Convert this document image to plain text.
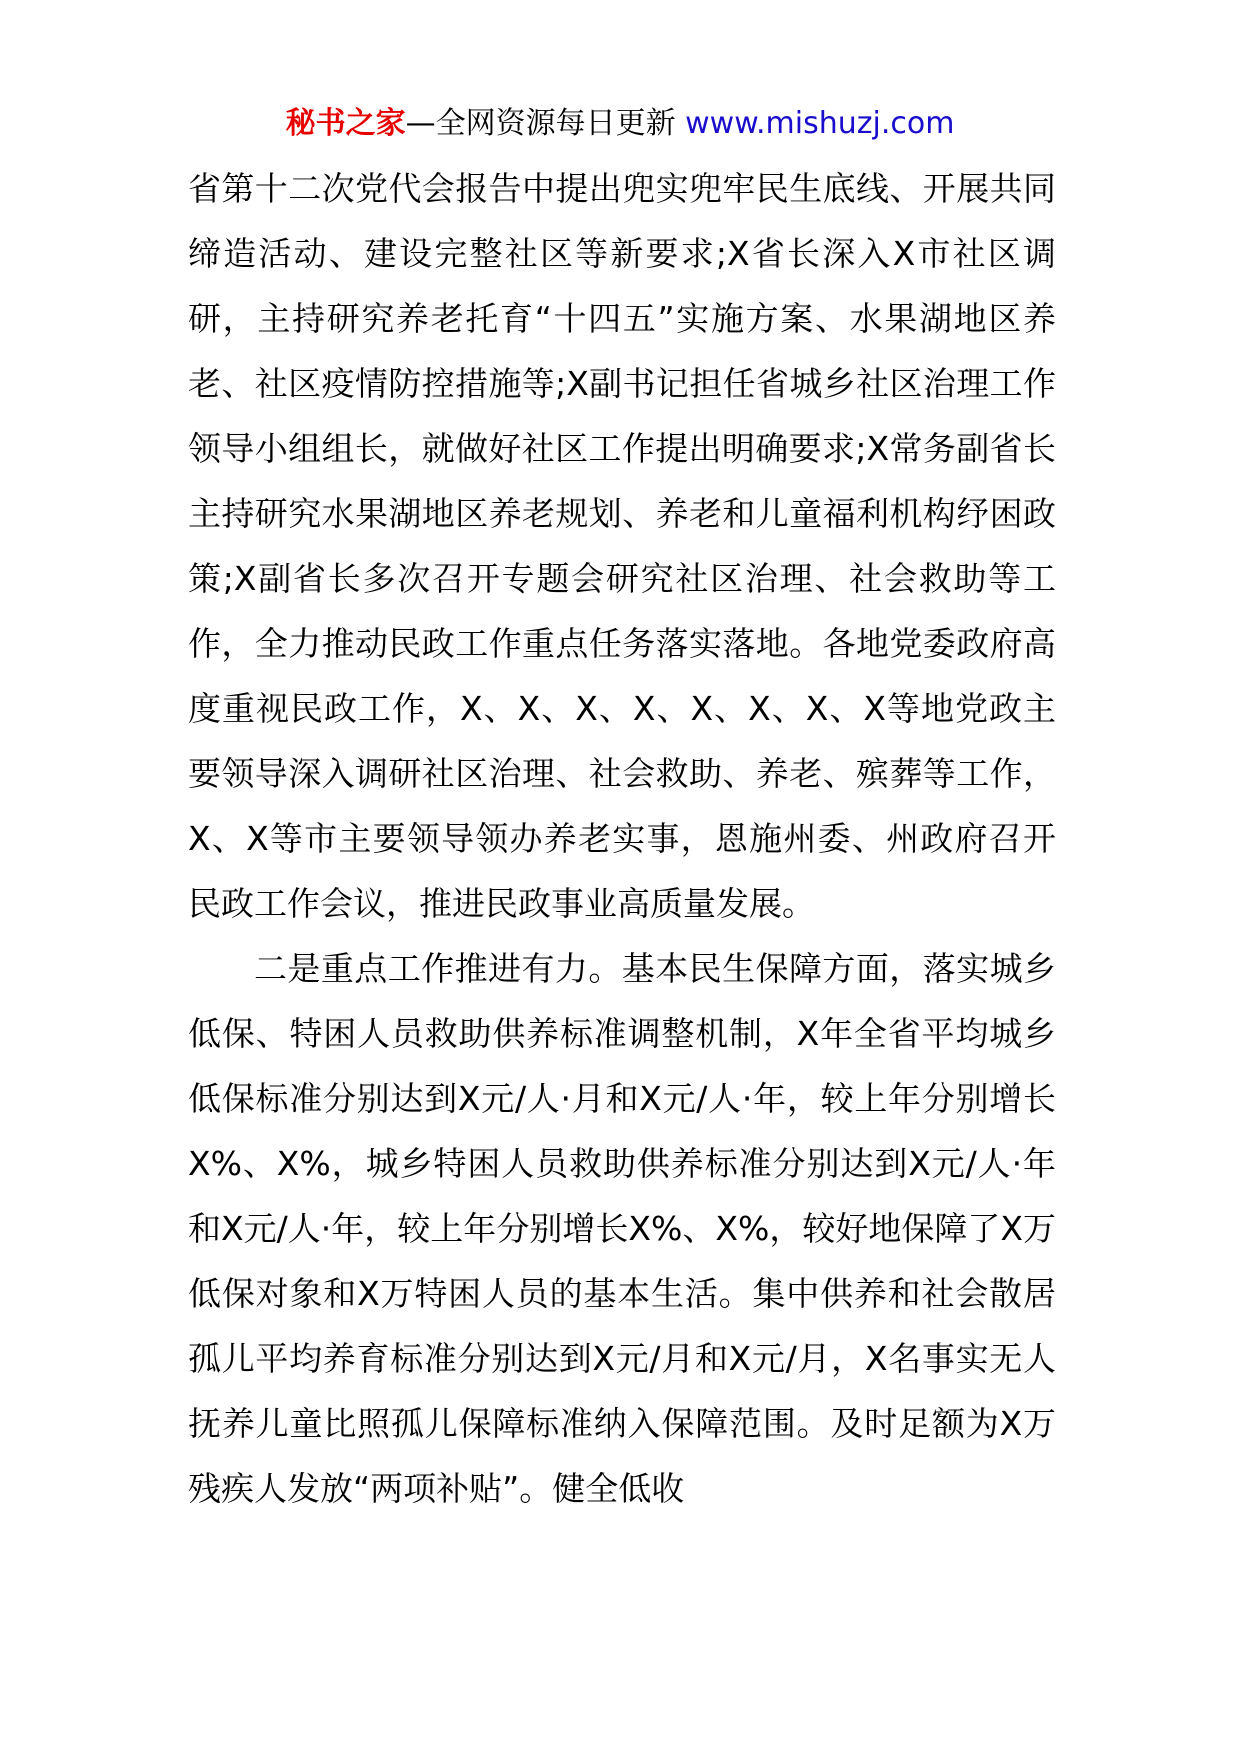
秘书之家—全网资源每日更新 www.mishuzj.com

省第十二次党代会报告中提出兜实兜牢民生底线、开展共同缔造活动、建设完整社区等新要求;X省长深入X市社区调研，主持研究养老托育“十四五”实施方案、水果湖地区养老、社区疫情防控措施等;X副书记担任省城乡社区治理工作领导小组组长，就做好社区工作提出明确要求;X常务副省长主持研究水果湖地区养老规划、养老和儿童福利机构纾困政策;X副省长多次召开专题会研究社区治理、社会救助等工作，全力推动民政工作重点任务落实落地。各地党委政府高度重视民政工作，X、X、X、X、X、X、X、X等地党政主要领导深入调研社区治理、社会救助、养老、殡葬等工作，X、X等市主要领导领办养老实事，恩施州委、州政府召开民政工作会议，推进民政事业高质量发展。

二是重点工作推进有力。基本民生保障方面，落实城乡低保、特困人员救助供养标准调整机制，X年全省平均城乡低保标准分别达到X元/人·月和X元/人·年，较上年分别增长X%、X%，城乡特困人员救助供养标准分别达到X元/人·年和X元/人·年，较上年分别增长X%、X%，较好地保障了X万低保对象和X万特困人员的基本生活。集中供养和社会散居孤儿平均养育标准分别达到X元/月和X元/月，X名事实无人抚养儿童比照孤儿保障标准纳入保障范围。及时足额为X万残疾人发放“两项补贴”。健全低收
